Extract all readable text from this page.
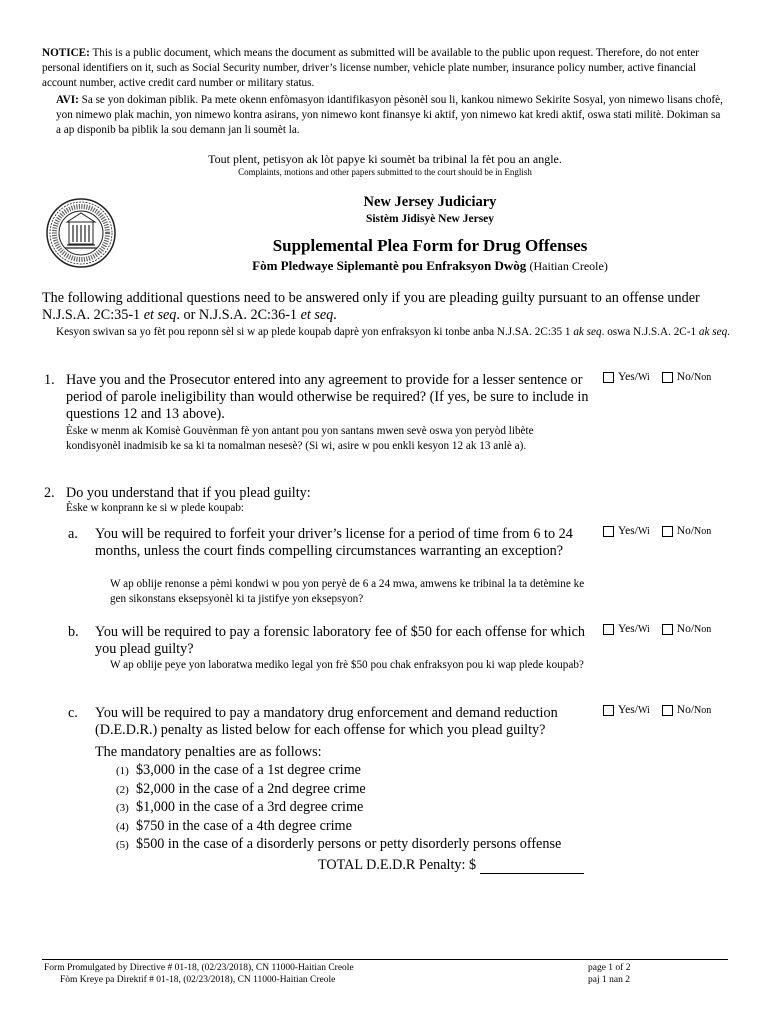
NOTICE: This is a public document, which means the document as submitted will be available to the public upon request. Therefore, do not enter personal identifiers on it, such as Social Security number, driver’s license number, vehicle plate number, insurance policy number, active financial account number, active credit card number or military status.
AVI: Sa se yon dokiman piblik. Pa mete okenn enfòmasyon idantifikasyon pèsonèl sou li, kankou nimewo Sekirite Sosyal, yon nimewo lisans chofè, yon nimewo plak machin, yon nimewo kontra asirans, yon nimewo kont finansye ki aktif, yon nimewo kat kredi aktif, oswa stati militè. Dokiman sa a ap disponib ba piblik la sou demann jan li soumèt la.
Tout plent, petisyon ak lòt papye ki soumèt ba tribinal la fèt pou an angle.
Complaints, motions and other papers submitted to the court should be in English
New Jersey Judiciary
Sistèm Jidisyè New Jersey
Supplemental Plea Form for Drug Offenses
Fòm Pledwaye Siplemantè pou Enfraksyon Dwòg (Haitian Creole)
The following additional questions need to be answered only if you are pleading guilty pursuant to an offense under N.J.S.A. 2C:35-1 et seq. or N.J.S.A. 2C:36-1 et seq.
Kesyon swivan sa yo fèt pou reponn sèl si w ap plede koupab daprè yon enfraksyon ki tonbe anba N.J.SA. 2C:35 1 ak seq. oswa N.J.S.A. 2C-1 ak seq.
1. Have you and the Prosecutor entered into any agreement to provide for a lesser sentence or period of parole ineligibility than would otherwise be required? (If yes, be sure to include in questions 12 and 13 above).
Èske w menm ak Komisè Gouvènman fè yon antant pou yon santans mwen sevè oswa yon peryòd libète kondisyonèl inadmisib ke sa ki ta nomalman nesesè? (Si wi, asire w pou enkli kesyon 12 ak 13 anlè a).
Yes/Wi No/Non
2. Do you understand that if you plead guilty:
Èske w konprann ke si w plede koupab:
a. You will be required to forfeit your driver’s license for a period of time from 6 to 24 months, unless the court finds compelling circumstances warranting an exception?
W ap oblije renonse a pèmi kondwi w pou yon peryè de 6 a 24 mwa, amwens ke tribinal la ta detèmine ke gen sikonstans eksepsyonèl ki ta jistifye yon eksepsyon?
Yes/Wi No/Non
b. You will be required to pay a forensic laboratory fee of $50 for each offense for which you plead guilty?
W ap oblije peye yon laboratwa mediko legal yon frè $50 pou chak enfraksyon pou ki wap plede koupab?
Yes/Wi No/Non
c. You will be required to pay a mandatory drug enforcement and demand reduction (D.E.D.R.) penalty as listed below for each offense for which you plead guilty?
Yes/Wi No/Non
The mandatory penalties are as follows:
(1) $3,000 in the case of a 1st degree crime
(2) $2,000 in the case of a 2nd degree crime
(3) $1,000 in the case of a 3rd degree crime
(4) $750 in the case of a 4th degree crime
(5) $500 in the case of a disorderly persons or petty disorderly persons offense
TOTAL D.E.D.R Penalty: $
Form Promulgated by Directive # 01-18, (02/23/2018), CN 11000-Haitian Creole
Fòm Kreye pa Direktif # 01-18, (02/23/2018), CN 11000-Haitian Creole
page 1 of 2
paj 1 nan 2
